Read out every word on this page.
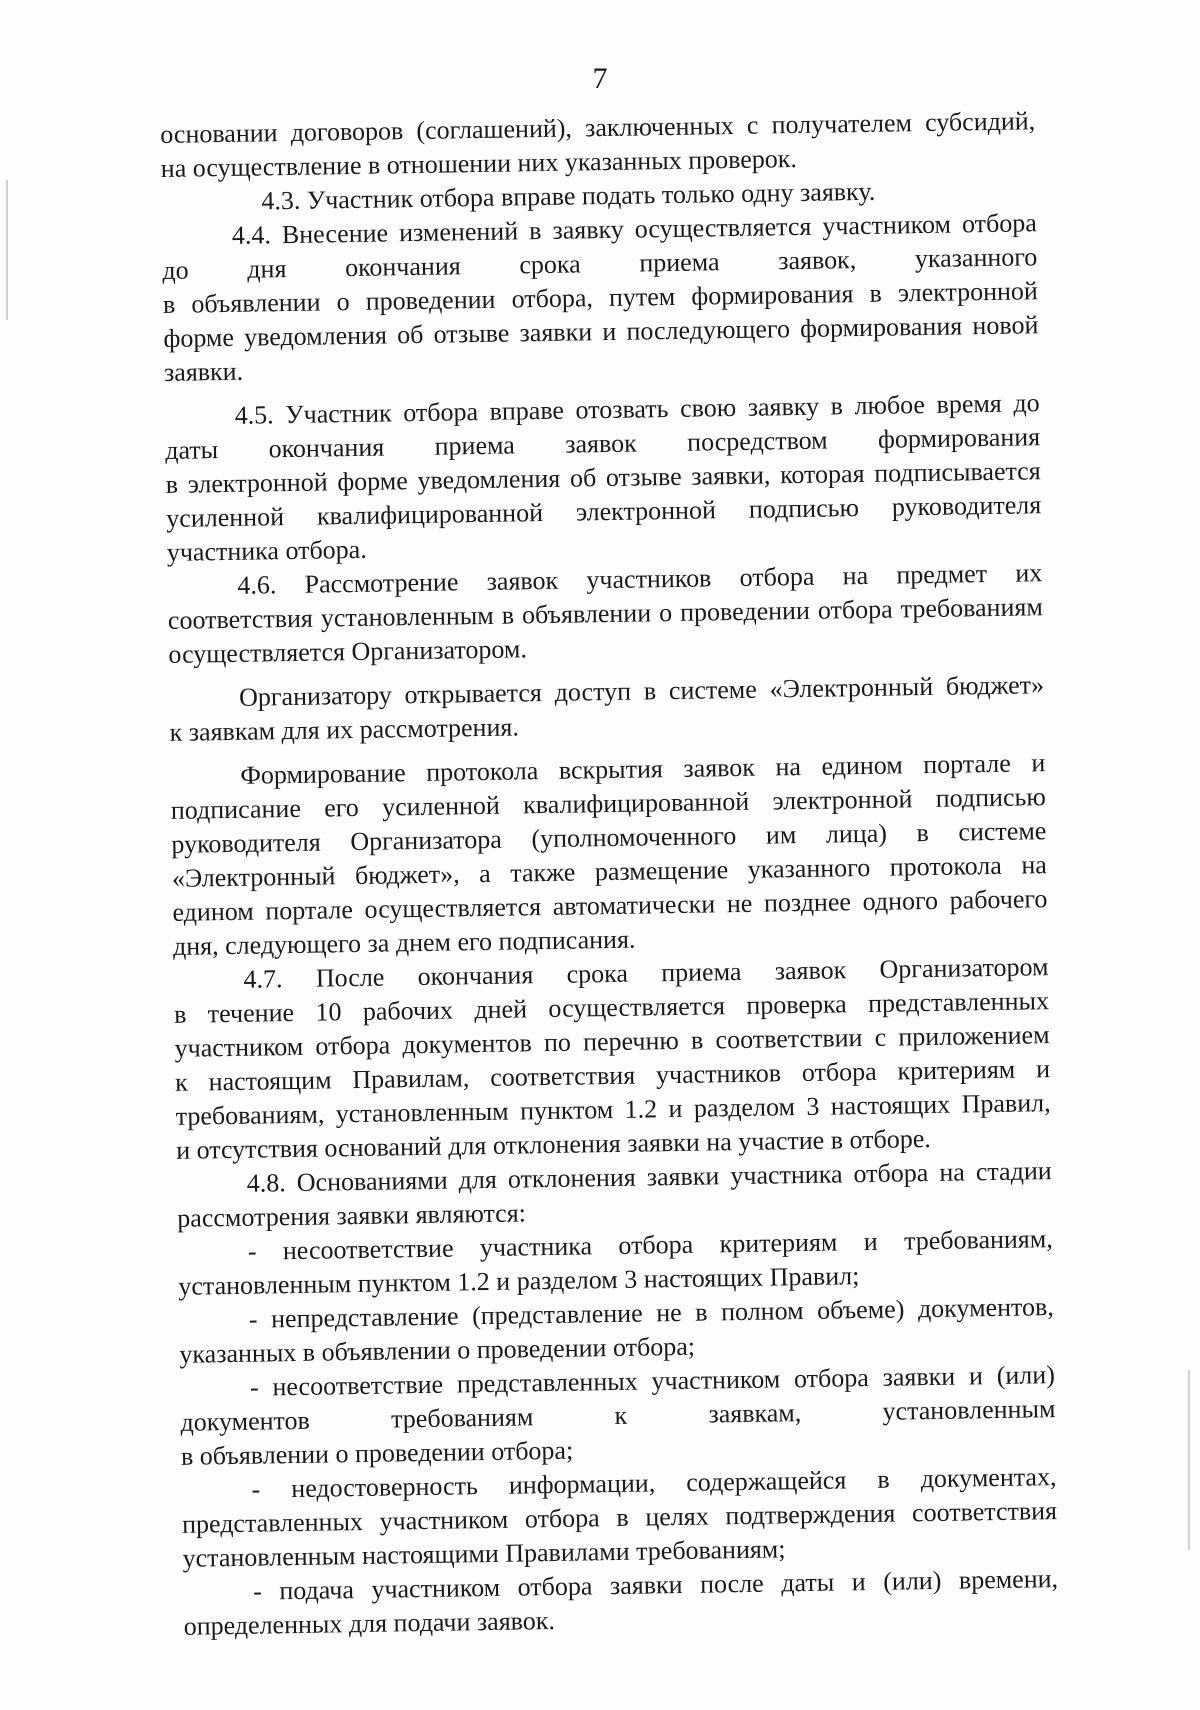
7
основании договоров (соглашений), заключенных с получателем субсидий,
на осуществление в отношении них указанных проверок.
4.3. Участник отбора вправе подать только одну заявку.
4.4. Внесение изменений в заявку осуществляется участником отбора
до дня окончания срока приема заявок, указанного
в объявлении о проведении отбора, путем формирования в электронной
форме уведомления об отзыве заявки и последующего формирования новой
заявки.
4.5. Участник отбора вправе отозвать свою заявку в любое время до
даты окончания приема заявок посредством формирования
в электронной форме уведомления об отзыве заявки, которая подписывается
усиленной квалифицированной электронной подписью руководителя
участника отбора.
4.6. Рассмотрение заявок участников отбора на предмет их
соответствия установленным в объявлении о проведении отбора требованиям
осуществляется Организатором.
Организатору открывается доступ в системе «Электронный бюджет»
к заявкам для их рассмотрения.
Формирование протокола вскрытия заявок на едином портале и
подписание его усиленной квалифицированной электронной подписью
руководителя Организатора (уполномоченного им лица) в системе
«Электронный бюджет», а также размещение указанного протокола на
едином портале осуществляется автоматически не позднее одного рабочего
дня, следующего за днем его подписания.
4.7. После окончания срока приема заявок Организатором
в течение 10 рабочих дней осуществляется проверка представленных
участником отбора документов по перечню в соответствии с приложением
к настоящим Правилам, соответствия участников отбора критериям и
требованиям, установленным пунктом 1.2 и разделом 3 настоящих Правил,
и отсутствия оснований для отклонения заявки на участие в отборе.
4.8. Основаниями для отклонения заявки участника отбора на стадии
рассмотрения заявки являются:
- несоответствие участника отбора критериям и требованиям,
установленным пунктом 1.2 и разделом 3 настоящих Правил;
- непредставление (представление не в полном объеме) документов,
указанных в объявлении о проведении отбора;
- несоответствие представленных участником отбора заявки и (или)
документов требованиям к заявкам, установленным
в объявлении о проведении отбора;
- недостоверность информации, содержащейся в документах,
представленных участником отбора в целях подтверждения соответствия
установленным настоящими Правилами требованиям;
- подача участником отбора заявки после даты и (или) времени,
определенных для подачи заявок.
